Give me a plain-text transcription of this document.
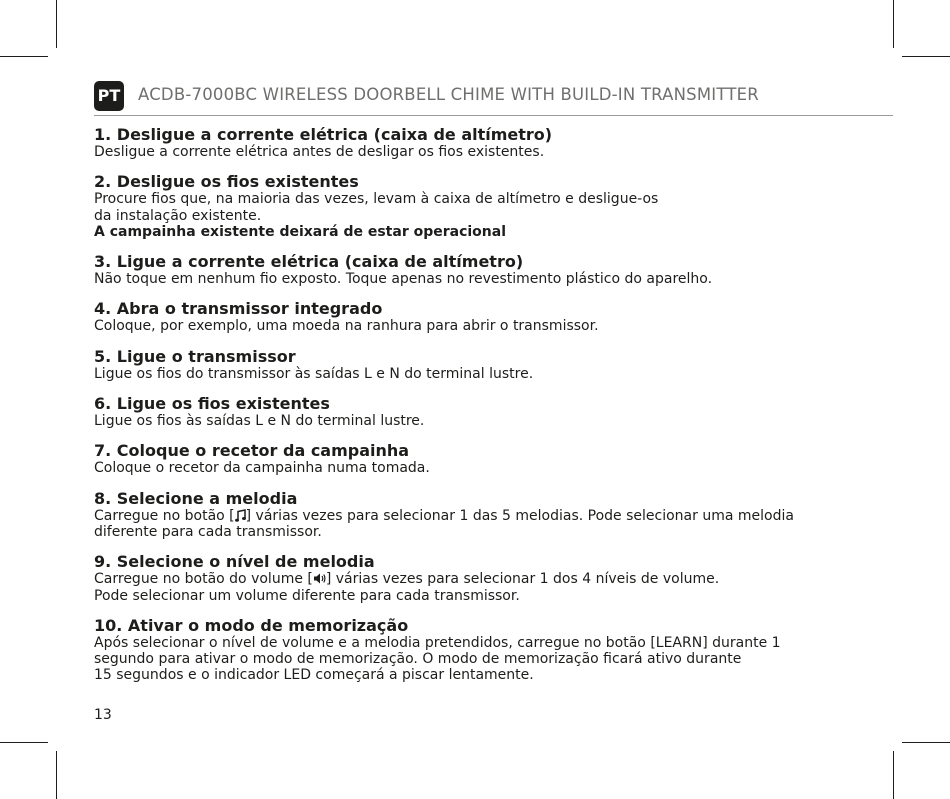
PT ACDB-7000BC WIRELESS DOORBELL CHIME WITH BUILD-IN TRANSMITTER

1. Desligue a corrente elétrica (caixa de altímetro)

Desligue a corrente elétrica antes de desligar os fios existentes.

2. Desligue os fios existentes

Procure fios que, na maioria das vezes, levam à caixa de altímetro e desligue-os
da instalação existente.

A campainha existente deixará de estar operacional

3. Ligue a corrente elétrica (caixa de altímetro)

Não toque em nenhum fio exposto. Toque apenas no revestimento plástico do aparelho.

4. Abra o transmissor integrado

Coloque, por exemplo, uma moeda na ranhura para abrir o transmissor.

5. Ligue o transmissor

Ligue os fios do transmissor às saídas L e N do terminal lustre.

6. Ligue os fios existentes

Ligue os fios às saídas L e N do terminal lustre.

7. Coloque o recetor da campainha

Coloque o recetor da campainha numa tomada.

8. Selecione a melodia

Carregue no botão [ ] várias vezes para selecionar 1 das 5 melodias. Pode selecionar uma melodia
diferente para cada transmissor.

9. Selecione o nível de melodia

Carregue no botão do volume [ ] várias vezes para selecionar 1 dos 4 níveis de volume.
Pode selecionar um volume diferente para cada transmissor.

10. Ativar o modo de memorização

Após selecionar o nível de volume e a melodia pretendidos, carregue no botão [LEARN] durante 1
segundo para ativar o modo de memorização. O modo de memorização ficará ativo durante
15 segundos e o indicador LED começará a piscar lentamente.

13
